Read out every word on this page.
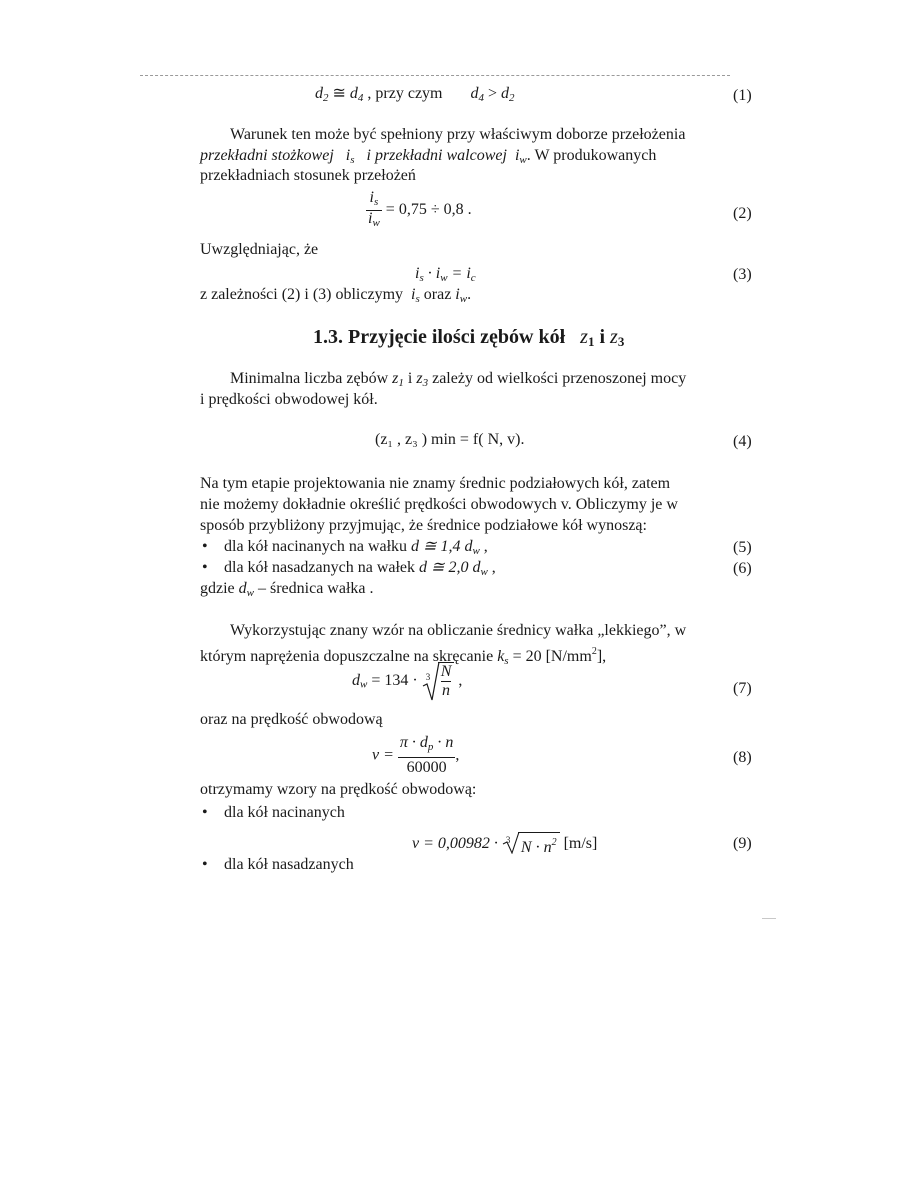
$d_2$ ≅ $d_4$ , przy czym $d_4 > d_2$	(1)
Warunek ten może być spełniony przy właściwym doborze przełożenia
przekładni stożkowej $i_s$ i przekładni walcowej $i_w$. W produkowanych
przekładniach stosunek przełożeń
$\frac{i_s}{i_w} = 0,75 \div 0,8$ .	(2)
Uwzględniając, że
$i_s \cdot i_w = i_c$	(3)
z zależności (2) i (3) obliczymy  $i_s$ oraz $i_w$.
1.3. Przyjęcie ilości zębów kół   $z_1$ i $z_3$
Minimalna liczba zębów $z_1$ i $z_3$ zależy od wielkości przenoszonej mocy
i prędkości obwodowej kół.
(z₁ , z₃ ) min = f( N, v).	(4)
Na tym etapie projektowania nie znamy średnic podziałowych kół, zatem
nie możemy dokładnie określić prędkości obwodowych v. Obliczymy je w
sposób przybliżony przyjmując, że średnice podziałowe kół wynoszą:
• dla kół nacinanych na wałku d ≅ 1,4 $d_w$ ,	(5)
• dla kół nasadzanych na wałek d ≅ 2,0 $d_w$ ,	(6)
gdzie $d_w$ – średnica wałka .
Wykorzystując znany wzór na obliczanie średnicy wałka „lekkiego”, w
którym naprężenia dopuszczalne na skręcanie $k_s = 20$ $[N/mm^2]$,
$d_w = 134 \cdot 3 \frac{N}{n}$ ,	(7)
oraz na prędkość obwodową
$v = \frac{\pi \cdot d_p \cdot n}{60000}$ ,	(8)
otrzymamy wzory na prędkość obwodową:
• dla kół nacinanych
v = 0,00982 · 3 $N \cdot n^2$ [m/s]	(9)
• dla kół nasadzanych
